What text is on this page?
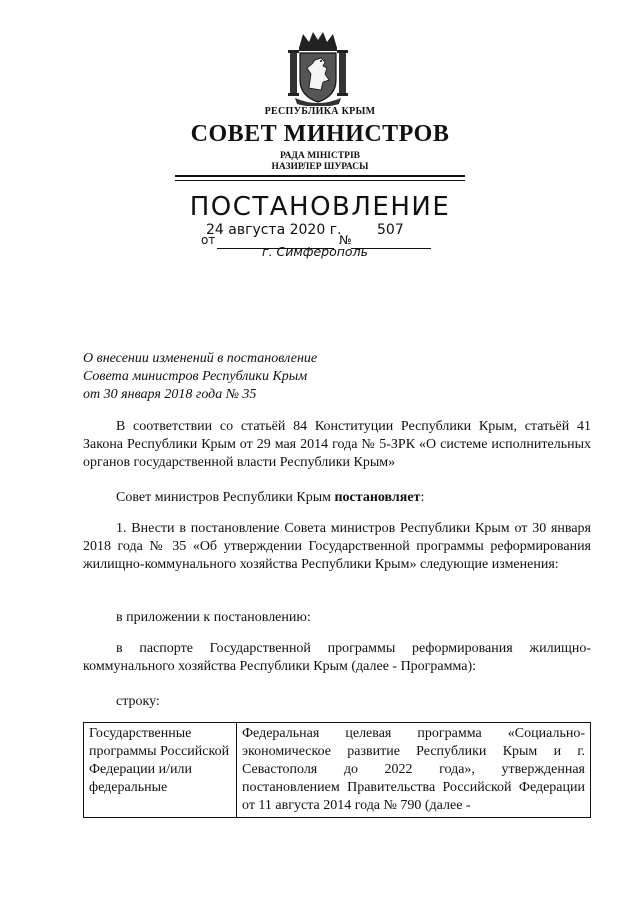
РЕСПУБЛИКА КРЫМ
СОВЕТ МИНИСТРОВ
РАДА МІНІСТРІВ
НАЗИРЛЕР ШУРАСЫ
ПОСТАНОВЛЕНИЕ
24 августа 2020 г.	507
от	№
г. Симферополь
О внесении изменений в постановление
Совета министров Республики Крым
от 30 января 2018 года № 35
В соответствии со статьёй 84 Конституции Республики Крым, статьёй 41 Закона Республики Крым от 29 мая 2014 года № 5-ЗРК «О системе исполнительных органов государственной власти Республики Крым»
Совет министров Республики Крым постановляет:
1. Внести в постановление Совета министров Республики Крым от 30 января 2018 года № 35 «Об утверждении Государственной программы реформирования жилищно-коммунального хозяйства Республики Крым» следующие изменения:
в приложении к постановлению:
в паспорте Государственной программы реформирования жилищно-коммунального хозяйства Республики Крым (далее - Программа):
строку:
Государственные программы Российской Федерации и/или федеральные	Федеральная целевая программа «Социально-экономическое развитие Республики Крым и г. Севастополя до 2022 года», утвержденная постановлением Правительства Российской Федерации от 11 августа 2014 года № 790 (далее -
